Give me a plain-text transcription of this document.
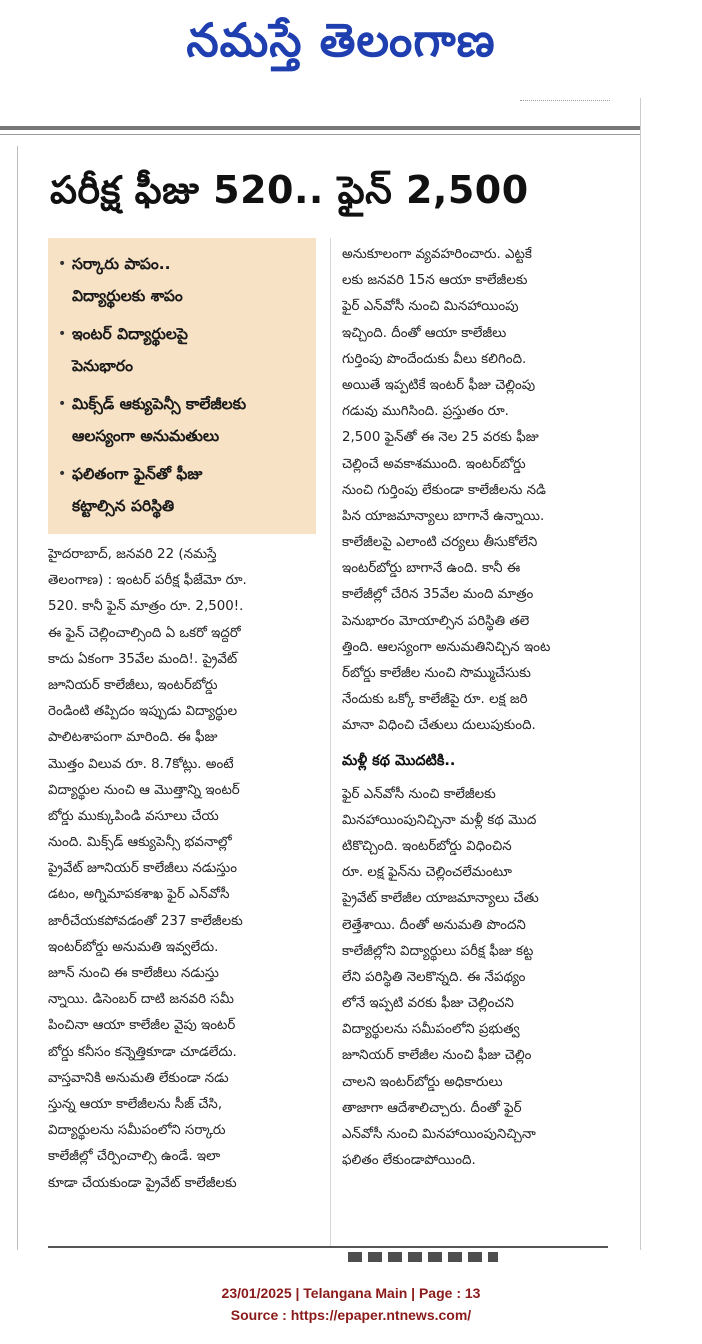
నమస్తే తెలంగాణ
పరీక్ష ఫీజు 520.. ఫైన్ 2,500
• సర్కారు పాపం..
విద్యార్థులకు శాపం
• ఇంటర్ విద్యార్థులపై
పెనుభారం
• మిక్స్‌డ్ ఆక్యుపెన్సీ కాలేజీలకు
ఆలస్యంగా అనుమతులు
• ఫలితంగా ఫైన్‌తో ఫీజు
కట్టాల్సిన పరిస్థితి
హైదరాబాద్, జనవరి 22 (నమస్తే
తెలంగాణ) : ఇంటర్ పరీక్ష ఫీజేమో రూ.
520. కానీ ఫైన్ మాత్రం రూ. 2,500!.
ఈ ఫైన్ చెల్లించాల్సింది ఏ ఒకరో ఇద్దరో
కాదు ఏకంగా 35వేల మంది!. ప్రైవేట్
జూనియర్ కాలేజీలు, ఇంటర్‌బోర్డు
రెండింటి తప్పిదం ఇప్పుడు విద్యార్థుల
పాలిటశాపంగా మారింది. ఈ ఫీజు
మొత్తం విలువ రూ. 8.7కోట్లు. అంటే
విద్యార్థుల నుంచి ఆ మొత్తాన్ని ఇంటర్
బోర్డు ముక్కుపిండి వసూలు చేయ
నుంది. మిక్స్‌డ్ ఆక్యుపెన్సీ భవనాల్లో
ప్రైవేట్ జూనియర్ కాలేజీలు నడుస్తుం
డటం, అగ్నిమాపకశాఖ ఫైర్ ఎన్‌వోసీ
జారీచేయకపోవడంతో 237 కాలేజీలకు
ఇంటర్‌బోర్డు అనుమతి ఇవ్వలేదు.
జూన్ నుంచి ఈ కాలేజీలు నడుస్తు
న్నాయి. డిసెంబర్ దాటి జనవరి సమీ
పించినా ఆయా కాలేజీల వైపు ఇంటర్
బోర్డు కనీసం కన్నెత్తికూడా చూడలేదు.
వాస్తవానికి అనుమతి లేకుండా నడు
స్తున్న ఆయా కాలేజీలను సీజ్ చేసి,
విద్యార్థులను సమీపంలోని సర్కారు
కాలేజీల్లో చేర్పించాల్సి ఉండే. ఇలా
కూడా చేయకుండా ప్రైవేట్ కాలేజీలకు
అనుకూలంగా వ్యవహరించారు. ఎట్టకే
లకు జనవరి 15న ఆయా కాలేజీలకు
ఫైర్ ఎన్‌వోసీ నుంచి మినహాయింపు
ఇచ్చింది. దీంతో ఆయా కాలేజీలు
గుర్తింపు పొందేందుకు వీలు కలిగింది.
అయితే ఇప్పటికే ఇంటర్ ఫీజు చెల్లింపు
గడువు ముగిసింది. ప్రస్తుతం రూ.
2,500 ఫైన్‌తో ఈ నెల 25 వరకు ఫీజు
చెల్లించే అవకాశముంది. ఇంటర్‌బోర్డు
నుంచి గుర్తింపు లేకుండా కాలేజీలను నడి
పిన యాజమాన్యాలు బాగానే ఉన్నాయి.
కాలేజీలపై ఎలాంటి చర్యలు తీసుకోలేని
ఇంటర్‌బోర్డు బాగానే ఉంది. కానీ ఈ
కాలేజీల్లో చేరిన 35వేల మంది మాత్రం
పెనుభారం మోయాల్సిన పరిస్థితి తలె
త్తింది. ఆలస్యంగా అనుమతినిచ్చిన ఇంట
ర్‌బోర్డు కాలేజీల నుంచి సొమ్ముచేసుకు
నేందుకు ఒక్కో కాలేజీపై రూ. లక్ష జరి
మానా విధించి చేతులు దులుపుకుంది.
మళ్లీ కథ మొదటికి..
ఫైర్ ఎన్‌వోసీ నుంచి కాలేజీలకు
మినహాయింపునిచ్చినా మళ్లీ కథ మొద
టికొచ్చింది. ఇంటర్‌బోర్డు విధించిన
రూ. లక్ష ఫైన్‌ను చెల్లించలేమంటూ
ప్రైవేట్ కాలేజీల యాజమాన్యాలు చేతు
లెత్తేశాయి. దీంతో అనుమతి పొందని
కాలేజీల్లోని విద్యార్థులు పరీక్ష ఫీజు కట్ట
లేని పరిస్థితి నెలకొన్నది. ఈ నేపథ్యం
లోనే ఇప్పటి వరకు ఫీజు చెల్లించని
విద్యార్థులను సమీపంలోని ప్రభుత్వ
జూనియర్ కాలేజీల నుంచి ఫీజు చెల్లిం
చాలని ఇంటర్‌బోర్డు అధికారులు
తాజాగా ఆదేశాలిచ్చారు. దీంతో ఫైర్
ఎన్‌వోసీ నుంచి మినహాయింపునిచ్చినా
ఫలితం లేకుండాపోయింది.
23/01/2025 | Telangana Main | Page : 13
Source : https://epaper.ntnews.com/
